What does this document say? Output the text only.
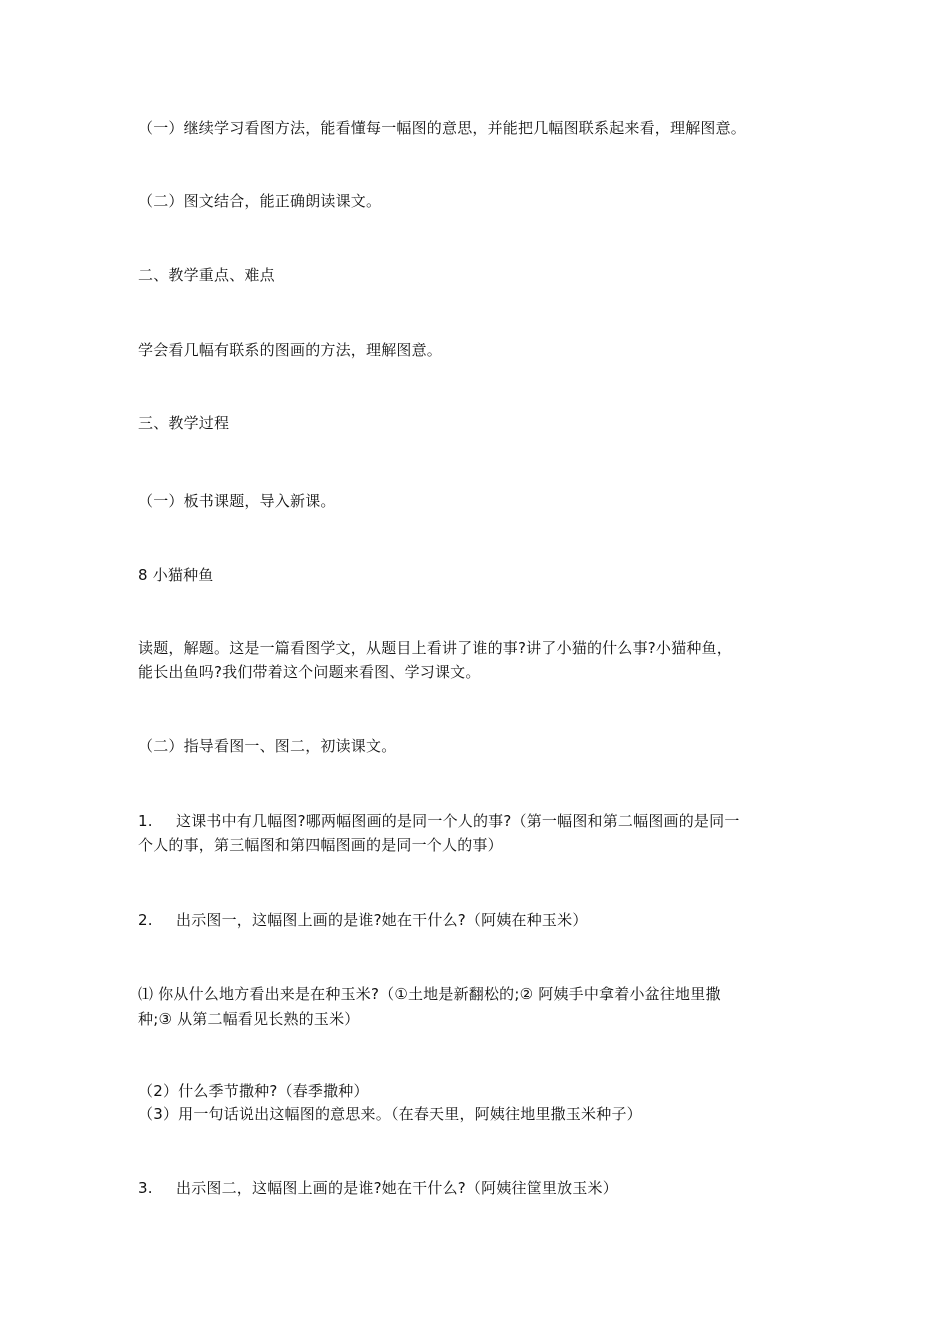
（一）继续学习看图方法，能看懂每一幅图的意思，并能把几幅图联系起来看，理解图意。
（二）图文结合，能正确朗读课文。
二、教学重点、难点
学会看几幅有联系的图画的方法，理解图意。
三、教学过程
（一）板书课题，导入新课。
8 小猫种鱼
读题，解题。这是一篇看图学文，从题目上看讲了谁的事?讲了小猫的什么事?小猫种鱼，
能长出鱼吗?我们带着这个问题来看图、学习课文。
（二）指导看图一、图二，初读课文。
1. 这课书中有几幅图?哪两幅图画的是同一个人的事?（第一幅图和第二幅图画的是同一
个人的事，第三幅图和第四幅图画的是同一个人的事）
2. 出示图一，这幅图上画的是谁?她在干什么?（阿姨在种玉米）
⑴ 你从什么地方看出来是在种玉米?（①土地是新翻松的;② 阿姨手中拿着小盆往地里撒
种;③ 从第二幅看见长熟的玉米）
（2）什么季节撒种?（春季撒种）
（3）用一句话说出这幅图的意思来。（在春天里，阿姨往地里撒玉米种子）
3. 出示图二，这幅图上画的是谁?她在干什么?（阿姨往筐里放玉米）
